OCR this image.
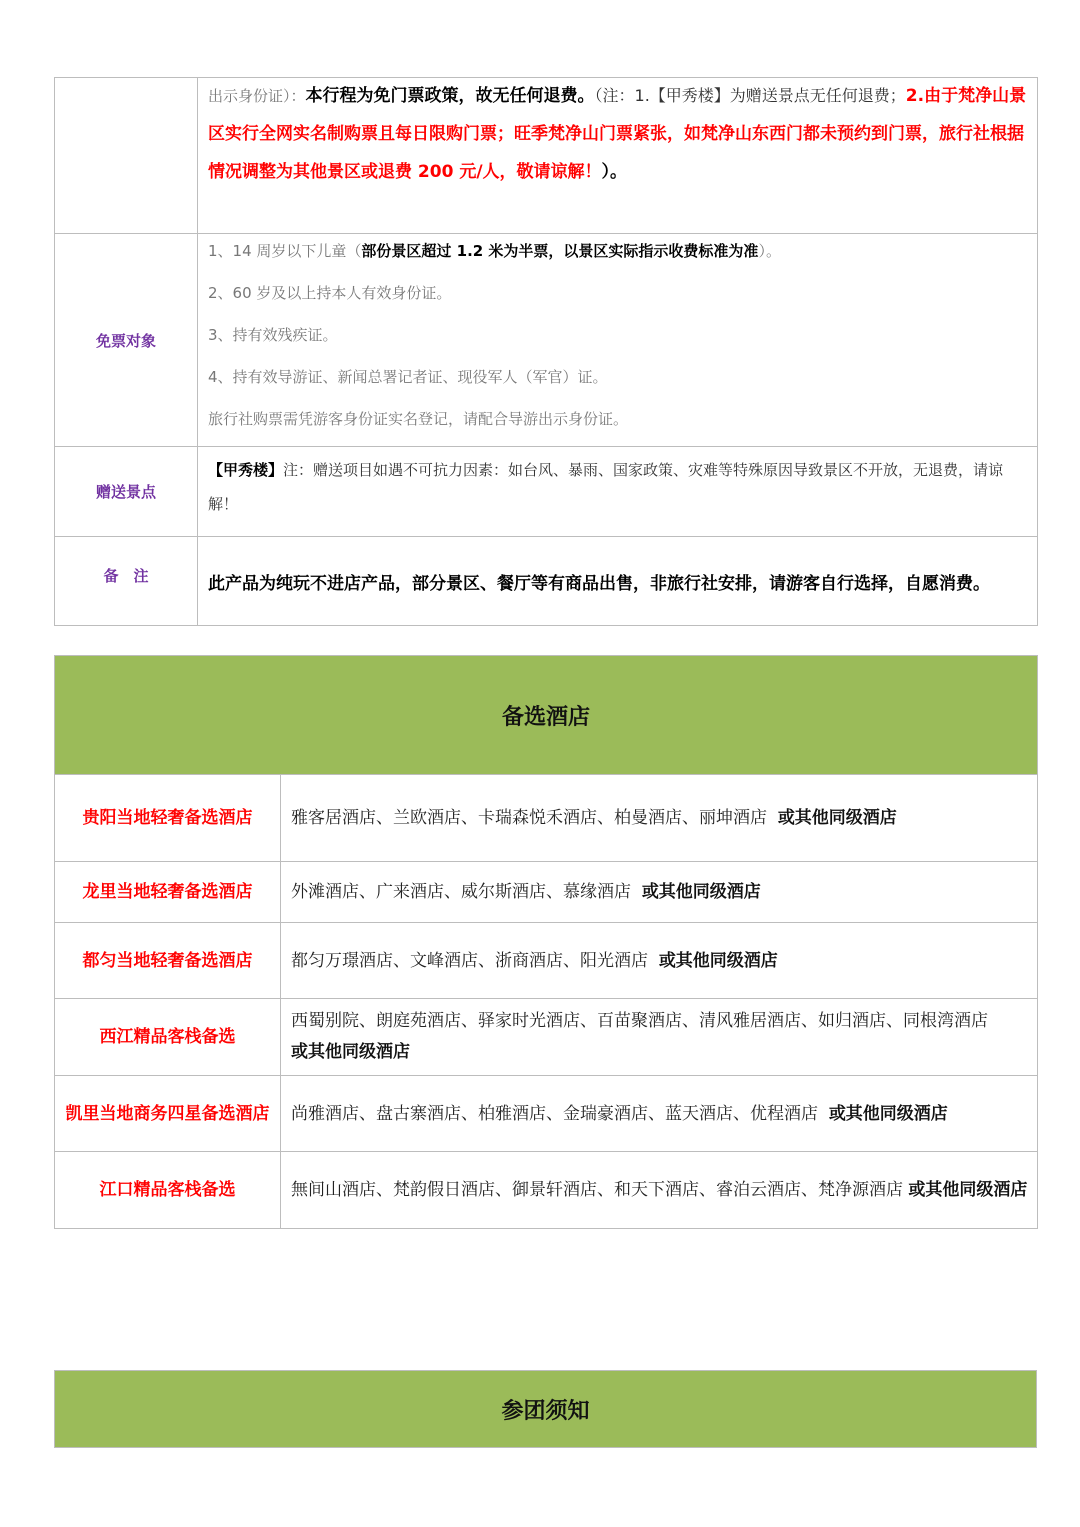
	出示身份证）：本行程为免门票政策，故无任何退费。（注：1.【甲秀楼】为赠送景点无任何退费；2.由于梵净山景区实行全网实名制购票且每日限购门票；旺季梵净山门票紧张，如梵净山东西门都未预约到门票，旅行社根据情况调整为其他景区或退费 200 元/人，敬请谅解！）。

免票对象	1、14 周岁以下儿童（部份景区超过 1.2 米为半票，以景区实际指示收费标准为准）。
2、60 岁及以上持本人有效身份证。
3、持有效残疾证。
4、持有效导游证、新闻总署记者证、现役军人（军官）证。
旅行社购票需凭游客身份证实名登记，请配合导游出示身份证。

赠送景点	【甲秀楼】注：赠送项目如遇不可抗力因素：如台风、暴雨、国家政策、灾难等特殊原因导致景区不开放，无退费，请谅解！
备　注	此产品为纯玩不进店产品，部分景区、餐厅等有商品出售，非旅行社安排，请游客自行选择，自愿消费。
备选酒店	
贵阳当地轻奢备选酒店	雅客居酒店、兰欧酒店、卡瑞森悦禾酒店、柏曼酒店、丽坤酒店 或其他同级酒店
龙里当地轻奢备选酒店	外滩酒店、广来酒店、威尔斯酒店、慕缘酒店 或其他同级酒店
都匀当地轻奢备选酒店	都匀万璟酒店、文峰酒店、浙商酒店、阳光酒店 或其他同级酒店
西江精品客栈备选	西蜀别院、朗庭苑酒店、驿家时光酒店、百苗聚酒店、清风雅居酒店、如归酒店、同根湾酒店
或其他同级酒店
凯里当地商务四星备选酒店	尚雅酒店、盘古寨酒店、柏雅酒店、金瑞豪酒店、蓝天酒店、优程酒店 或其他同级酒店
江口精品客栈备选	無间山酒店、梵韵假日酒店、御景轩酒店、和天下酒店、睿泊云酒店、梵净源酒店 或其他同级酒店
参团须知
